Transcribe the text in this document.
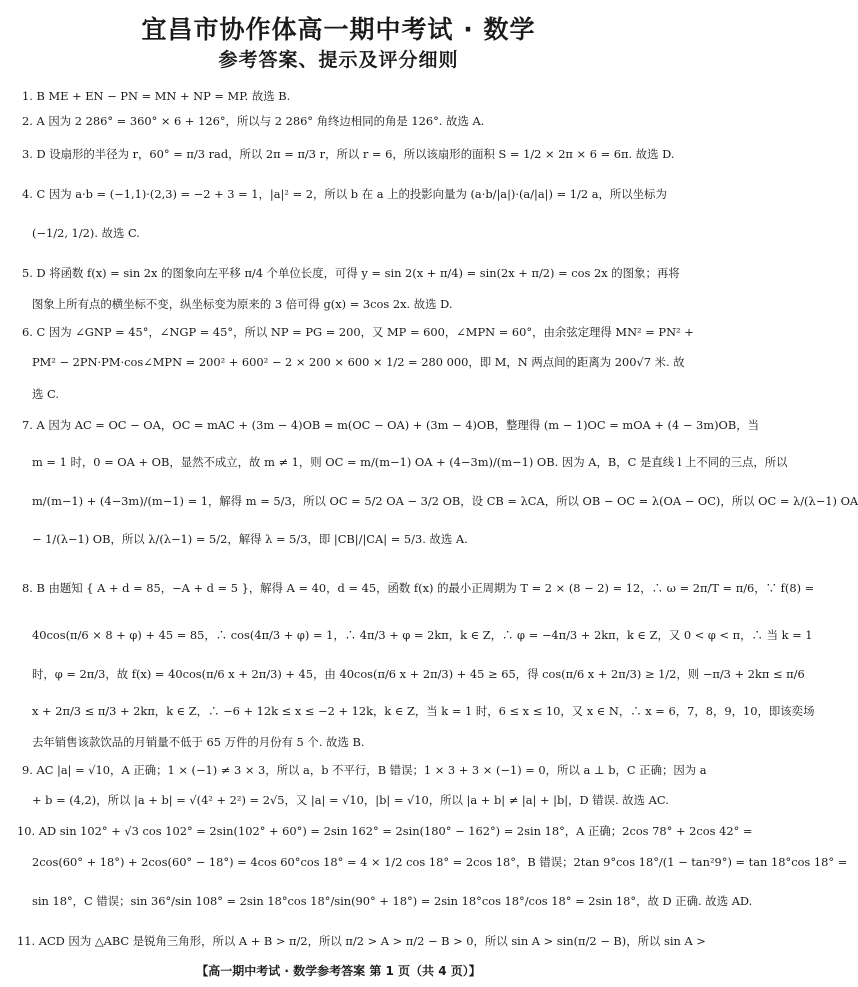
宜昌市协作体高一期中考试 · 数学
参考答案、提示及评分细则
1. B ME + EN − PN = MN + NP = MP. 故选 B.
2. A 因为 2 286° = 360° × 6 + 126°，所以与 2 286° 角终边相同的角是 126°. 故选 A.
3. D 设扇形的半径为 r，60° = π/3 rad，所以 2π = π/3 r，所以 r = 6，所以该扇形的面积 S = 1/2 × 2π × 6 = 6π. 故选 D.
4. C 因为 a·b = (−1,1)·(2,3) = −2 + 3 = 1，|a|² = 2，所以 b 在 a 上的投影向量为 (a·b/|a|)·(a/|a|) = 1/2 a，所以坐标为
(−1/2, 1/2). 故选 C.
5. D 将函数 f(x) = sin 2x 的图象向左平移 π/4 个单位长度，可得 y = sin 2(x + π/4) = sin(2x + π/2) = cos 2x 的图象；再将
图象上所有点的横坐标不变，纵坐标变为原来的 3 倍可得 g(x) = 3cos 2x. 故选 D.
6. C 因为 ∠GNP = 45°，∠NGP = 45°，所以 NP = PG = 200，又 MP = 600，∠MPN = 60°，由余弦定理得 MN² = PN² +
PM² − 2PN·PM·cos∠MPN = 200² + 600² − 2 × 200 × 600 × 1/2 = 280 000，即 M，N 两点间的距离为 200√7 米. 故
选 C.
7. A 因为 AC = OC − OA，OC = mAC + (3m − 4)OB = m(OC − OA) + (3m − 4)OB，整理得 (m − 1)OC = mOA + (4 − 3m)OB，当
m = 1 时，0 = OA + OB，显然不成立，故 m ≠ 1，则 OC = m/(m−1) OA + (4−3m)/(m−1) OB. 因为 A，B，C 是直线 l 上不同的三点，所以
m/(m−1) + (4−3m)/(m−1) = 1，解得 m = 5/3，所以 OC = 5/2 OA − 3/2 OB，设 CB = λCA，所以 OB − OC = λ(OA − OC)，所以 OC = λ/(λ−1) OA
− 1/(λ−1) OB，所以 λ/(λ−1) = 5/2，解得 λ = 5/3，即 |CB|/|CA| = 5/3. 故选 A.
8. B 由题知 { A + d = 85，−A + d = 5 }，解得 A = 40，d = 45，函数 f(x) 的最小正周期为 T = 2 × (8 − 2) = 12，∴ ω = 2π/T = π/6，∵ f(8) =
40cos(π/6 × 8 + φ) + 45 = 85，∴ cos(4π/3 + φ) = 1，∴ 4π/3 + φ = 2kπ，k ∈ Z，∴ φ = −4π/3 + 2kπ，k ∈ Z，又 0 < φ < π，∴ 当 k = 1
时，φ = 2π/3，故 f(x) = 40cos(π/6 x + 2π/3) + 45，由 40cos(π/6 x + 2π/3) + 45 ≥ 65，得 cos(π/6 x + 2π/3) ≥ 1/2，则 −π/3 + 2kπ ≤ π/6
x + 2π/3 ≤ π/3 + 2kπ，k ∈ Z，∴ −6 + 12k ≤ x ≤ −2 + 12k，k ∈ Z，当 k = 1 时，6 ≤ x ≤ 10，又 x ∈ N，∴ x = 6，7，8，9，10，即该奕场
去年销售该款饮品的月销量不低于 65 万件的月份有 5 个. 故选 B.
9. AC |a| = √10，A 正确；1 × (−1) ≠ 3 × 3，所以 a，b 不平行，B 错误；1 × 3 + 3 × (−1) = 0，所以 a ⊥ b，C 正确；因为 a
+ b = (4,2)，所以 |a + b| = √(4² + 2²) = 2√5，又 |a| = √10，|b| = √10，所以 |a + b| ≠ |a| + |b|，D 错误. 故选 AC.
10. AD sin 102° + √3 cos 102° = 2sin(102° + 60°) = 2sin 162° = 2sin(180° − 162°) = 2sin 18°，A 正确；2cos 78° + 2cos 42° =
2cos(60° + 18°) + 2cos(60° − 18°) = 4cos 60°cos 18° = 4 × 1/2 cos 18° = 2cos 18°，B 错误；2tan 9°cos 18°/(1 − tan²9°) = tan 18°cos 18° =
sin 18°，C 错误；sin 36°/sin 108° = 2sin 18°cos 18°/sin(90° + 18°) = 2sin 18°cos 18°/cos 18° = 2sin 18°，故 D 正确. 故选 AD.
11. ACD 因为 △ABC 是锐角三角形，所以 A + B > π/2，所以 π/2 > A > π/2 − B > 0，所以 sin A > sin(π/2 − B)，所以 sin A >
【高一期中考试 · 数学参考答案 第 1 页（共 4 页）】
